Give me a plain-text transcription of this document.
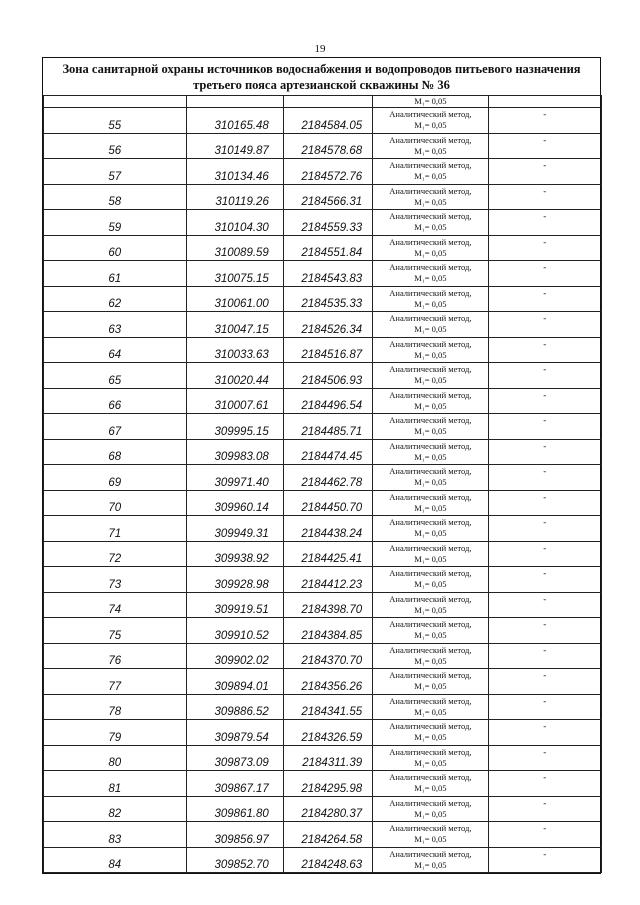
19
Зона санитарной охраны источников водоснабжения и водопроводов питьевого назначения
третьего пояса артезианской скважины № 36

			M₁= 0,05	

55	310165.48	2184584.05	Аналитический метод,
M₁= 0,05	-
56	310149.87	2184578.68	Аналитический метод,
M₁= 0,05	-
57	310134.46	2184572.76	Аналитический метод,
M₁= 0,05	-
58	310119.26	2184566.31	Аналитический метод,
M₁= 0,05	-
59	310104.30	2184559.33	Аналитический метод,
M₁= 0,05	-
60	310089.59	2184551.84	Аналитический метод,
M₁= 0,05	-
61	310075.15	2184543.83	Аналитический метод,
M₁= 0,05	-
62	310061.00	2184535.33	Аналитический метод,
M₁= 0,05	-
63	310047.15	2184526.34	Аналитический метод,
M₁= 0,05	-
64	310033.63	2184516.87	Аналитический метод,
M₁= 0,05	-
65	310020.44	2184506.93	Аналитический метод,
M₁= 0,05	-
66	310007.61	2184496.54	Аналитический метод,
M₁= 0,05	-
67	309995.15	2184485.71	Аналитический метод,
M₁= 0,05	-
68	309983.08	2184474.45	Аналитический метод,
M₁= 0,05	-
69	309971.40	2184462.78	Аналитический метод,
M₁= 0,05	-
70	309960.14	2184450.70	Аналитический метод,
M₁= 0,05	-
71	309949.31	2184438.24	Аналитический метод,
M₁= 0,05	-
72	309938.92	2184425.41	Аналитический метод,
M₁= 0,05	-
73	309928.98	2184412.23	Аналитический метод,
M₁= 0,05	-
74	309919.51	2184398.70	Аналитический метод,
M₁= 0,05	-
75	309910.52	2184384.85	Аналитический метод,
M₁= 0,05	-
76	309902.02	2184370.70	Аналитический метод,
M₁= 0,05	-
77	309894.01	2184356.26	Аналитический метод,
M₁= 0,05	-
78	309886.52	2184341.55	Аналитический метод,
M₁= 0,05	-
79	309879.54	2184326.59	Аналитический метод,
M₁= 0,05	-
80	309873.09	2184311.39	Аналитический метод,
M₁= 0,05	-
81	309867.17	2184295.98	Аналитический метод,
M₁= 0,05	-
82	309861.80	2184280.37	Аналитический метод,
M₁= 0,05	-
83	309856.97	2184264.58	Аналитический метод,
M₁= 0,05	-
84	309852.70	2184248.63	Аналитический метод,
M₁= 0,05	-
